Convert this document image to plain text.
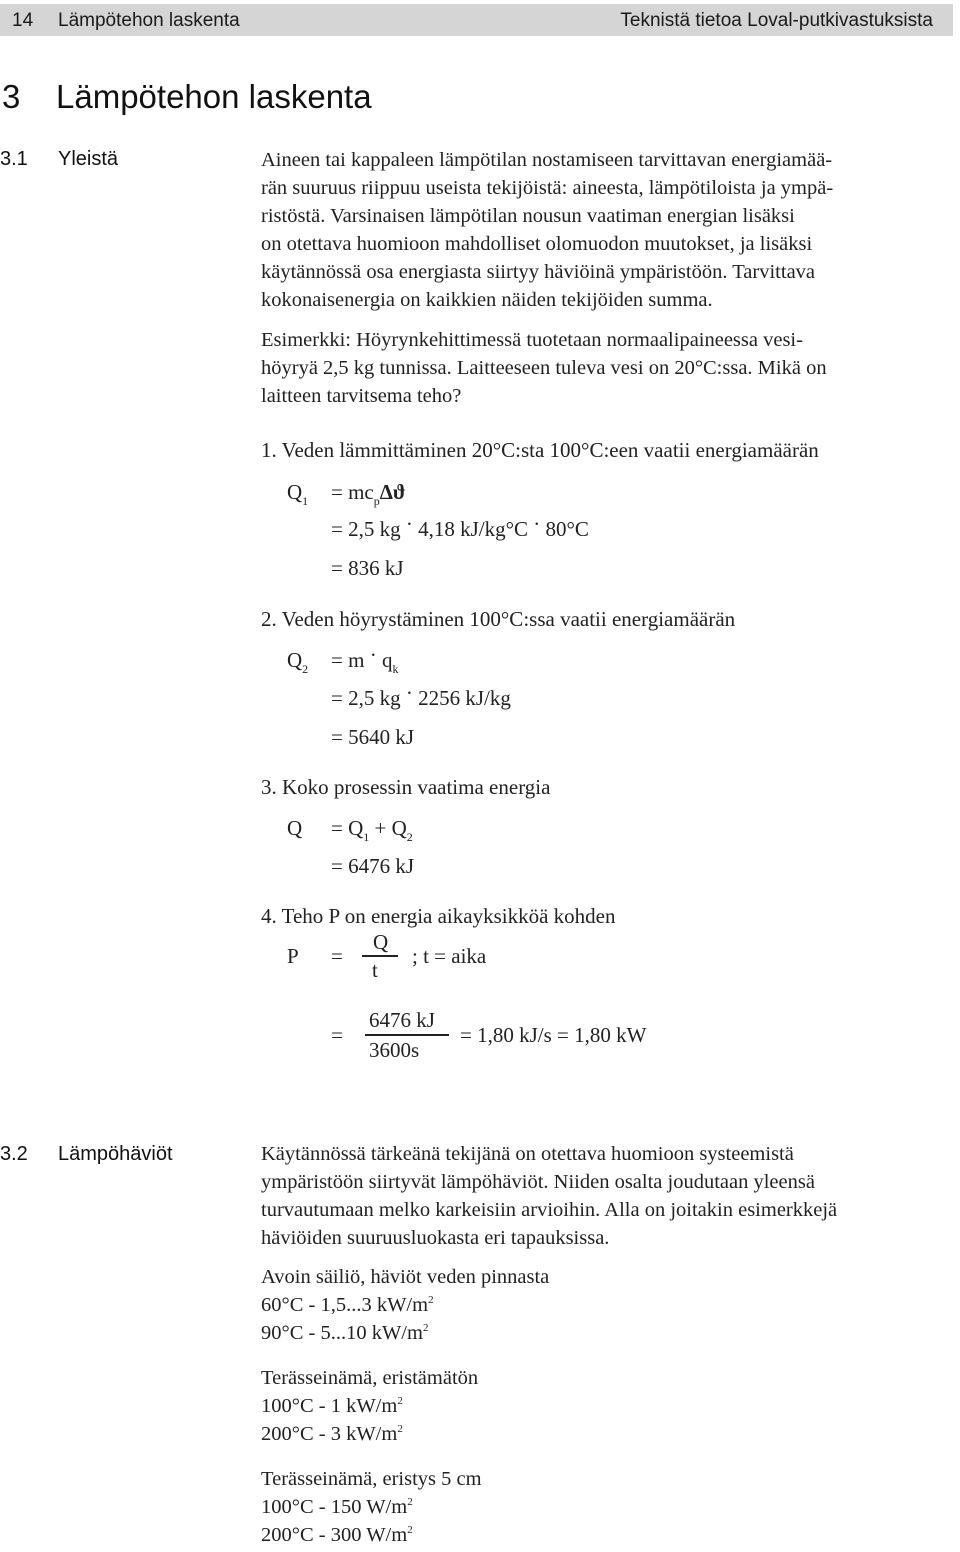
14 Lämpötehon laskenta	Teknistä tietoa Loval-putkivastuksista
3 Lämpötehon laskenta
3.1 Yleistä	Aineen tai kappaleen lämpötilan nostamiseen tarvittavan energiamää-
rän suuruus riippuu useista tekijöistä: aineesta, lämpötiloista ja ympä-
ristöstä. Varsinaisen lämpötilan nousun vaatiman energian lisäksi
on otettava huomioon mahdolliset olomuodon muutokset, ja lisäksi
käytännössä osa energiasta siirtyy häviöinä ympäristöön. Tarvittava
kokonaisenergia on kaikkien näiden tekijöiden summa.
Esimerkki: Höyrynkehittimessä tuotetaan normaalipaineessa vesi-
höyryä 2,5 kg tunnissa. Laitteeseen tuleva vesi on 20°C:ssa. Mikä on
laitteen tarvitsema teho?
1. Veden lämmittäminen 20°C:sta 100°C:een vaatii energiamäärän
$Q_1 = mc_p\Delta ϑ$
= 2,5 kg · 4,18 kJ/kg°C · 80°C
= 836 kJ
2. Veden höyrystäminen 100°C:ssa vaatii energiamäärän
$Q_2 = m \cdot q_k$
= 2,5 kg · 2256 kJ/kg
= 5640 kJ
3. Koko prosessin vaatima energia
$Q = Q_1 + Q_2$
= 6476 kJ
4. Teho P on energia aikayksikköä kohden
P =
Q
t
; t = aika
=
6476 kJ
3600s
= 1,80 kJ/s = 1,80 kW
3.2 Lämpöhäviöt	Käytännössä tärkeänä tekijänä on otettava huomioon systeemistä
ympäristöön siirtyvät lämpöhäviöt. Niiden osalta joudutaan yleensä
turvautumaan melko karkeisiin arvioihin. Alla on joitakin esimerkkejä
häviöiden suuruusluokasta eri tapauksissa.
Avoin säiliö, häviöt veden pinnasta
60°C - 1,5...3 $kW/m^2$
90°C - 5...10 $kW/m^2$
Terässeinämä, eristämätön
100°C - 1 $kW/m^2$
200°C - 3 $kW/m^2$
Terässeinämä, eristys 5 cm
100°C - 150 $W/m^2$
200°C - 300 $W/m^2$
